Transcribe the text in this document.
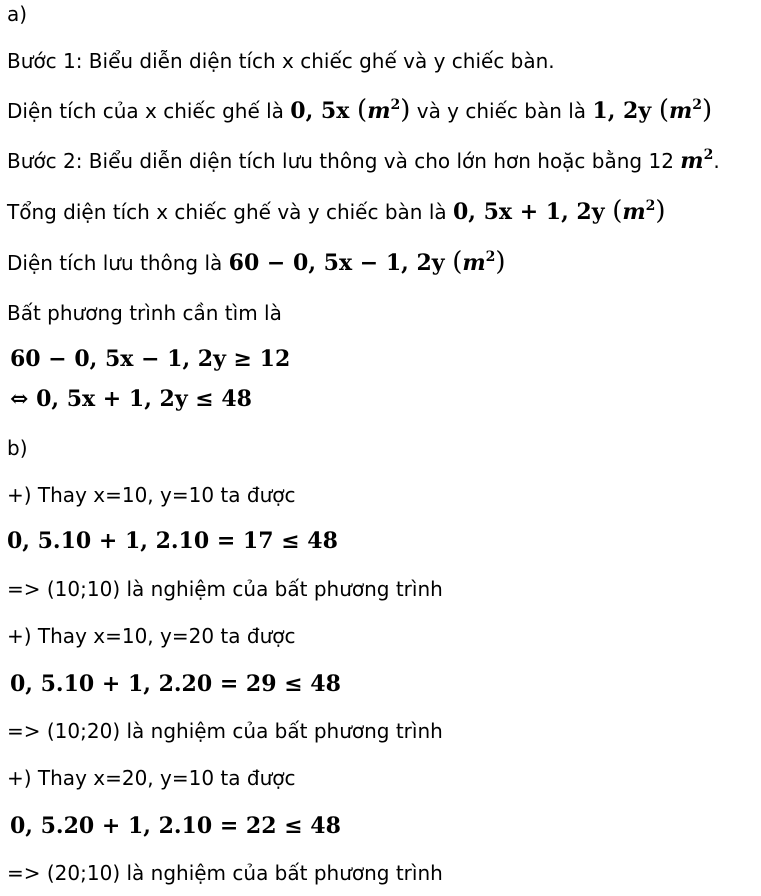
a)
Bước 1: Biểu diễn diện tích x chiếc ghế và y chiếc bàn.
Diện tích của x chiếc ghế là 0, 5x $(m^2)$ và y chiếc bàn là 1, 2y $(m^2)$
Bước 2: Biểu diễn diện tích lưu thông và cho lớn hơn hoặc bằng 12 $m^2$.
Tổng diện tích x chiếc ghế và y chiếc bàn là 0, 5x + 1, 2y $(m^2)$
Diện tích lưu thông là 60 − 0, 5x − 1, 2y $(m^2)$
Bất phương trình cần tìm là
60 − 0, 5x − 1, 2y ≥ 12
⇔ 0, 5x + 1, 2y ≤ 48
b)
+) Thay x=10, y=10 ta được
0, 5.10 + 1, 2.10 = 17 ≤ 48
=> (10;10) là nghiệm của bất phương trình
+) Thay x=10, y=20 ta được
0, 5.10 + 1, 2.20 = 29 ≤ 48
=> (10;20) là nghiệm của bất phương trình
+) Thay x=20, y=10 ta được
0, 5.20 + 1, 2.10 = 22 ≤ 48
=> (20;10) là nghiệm của bất phương trình
